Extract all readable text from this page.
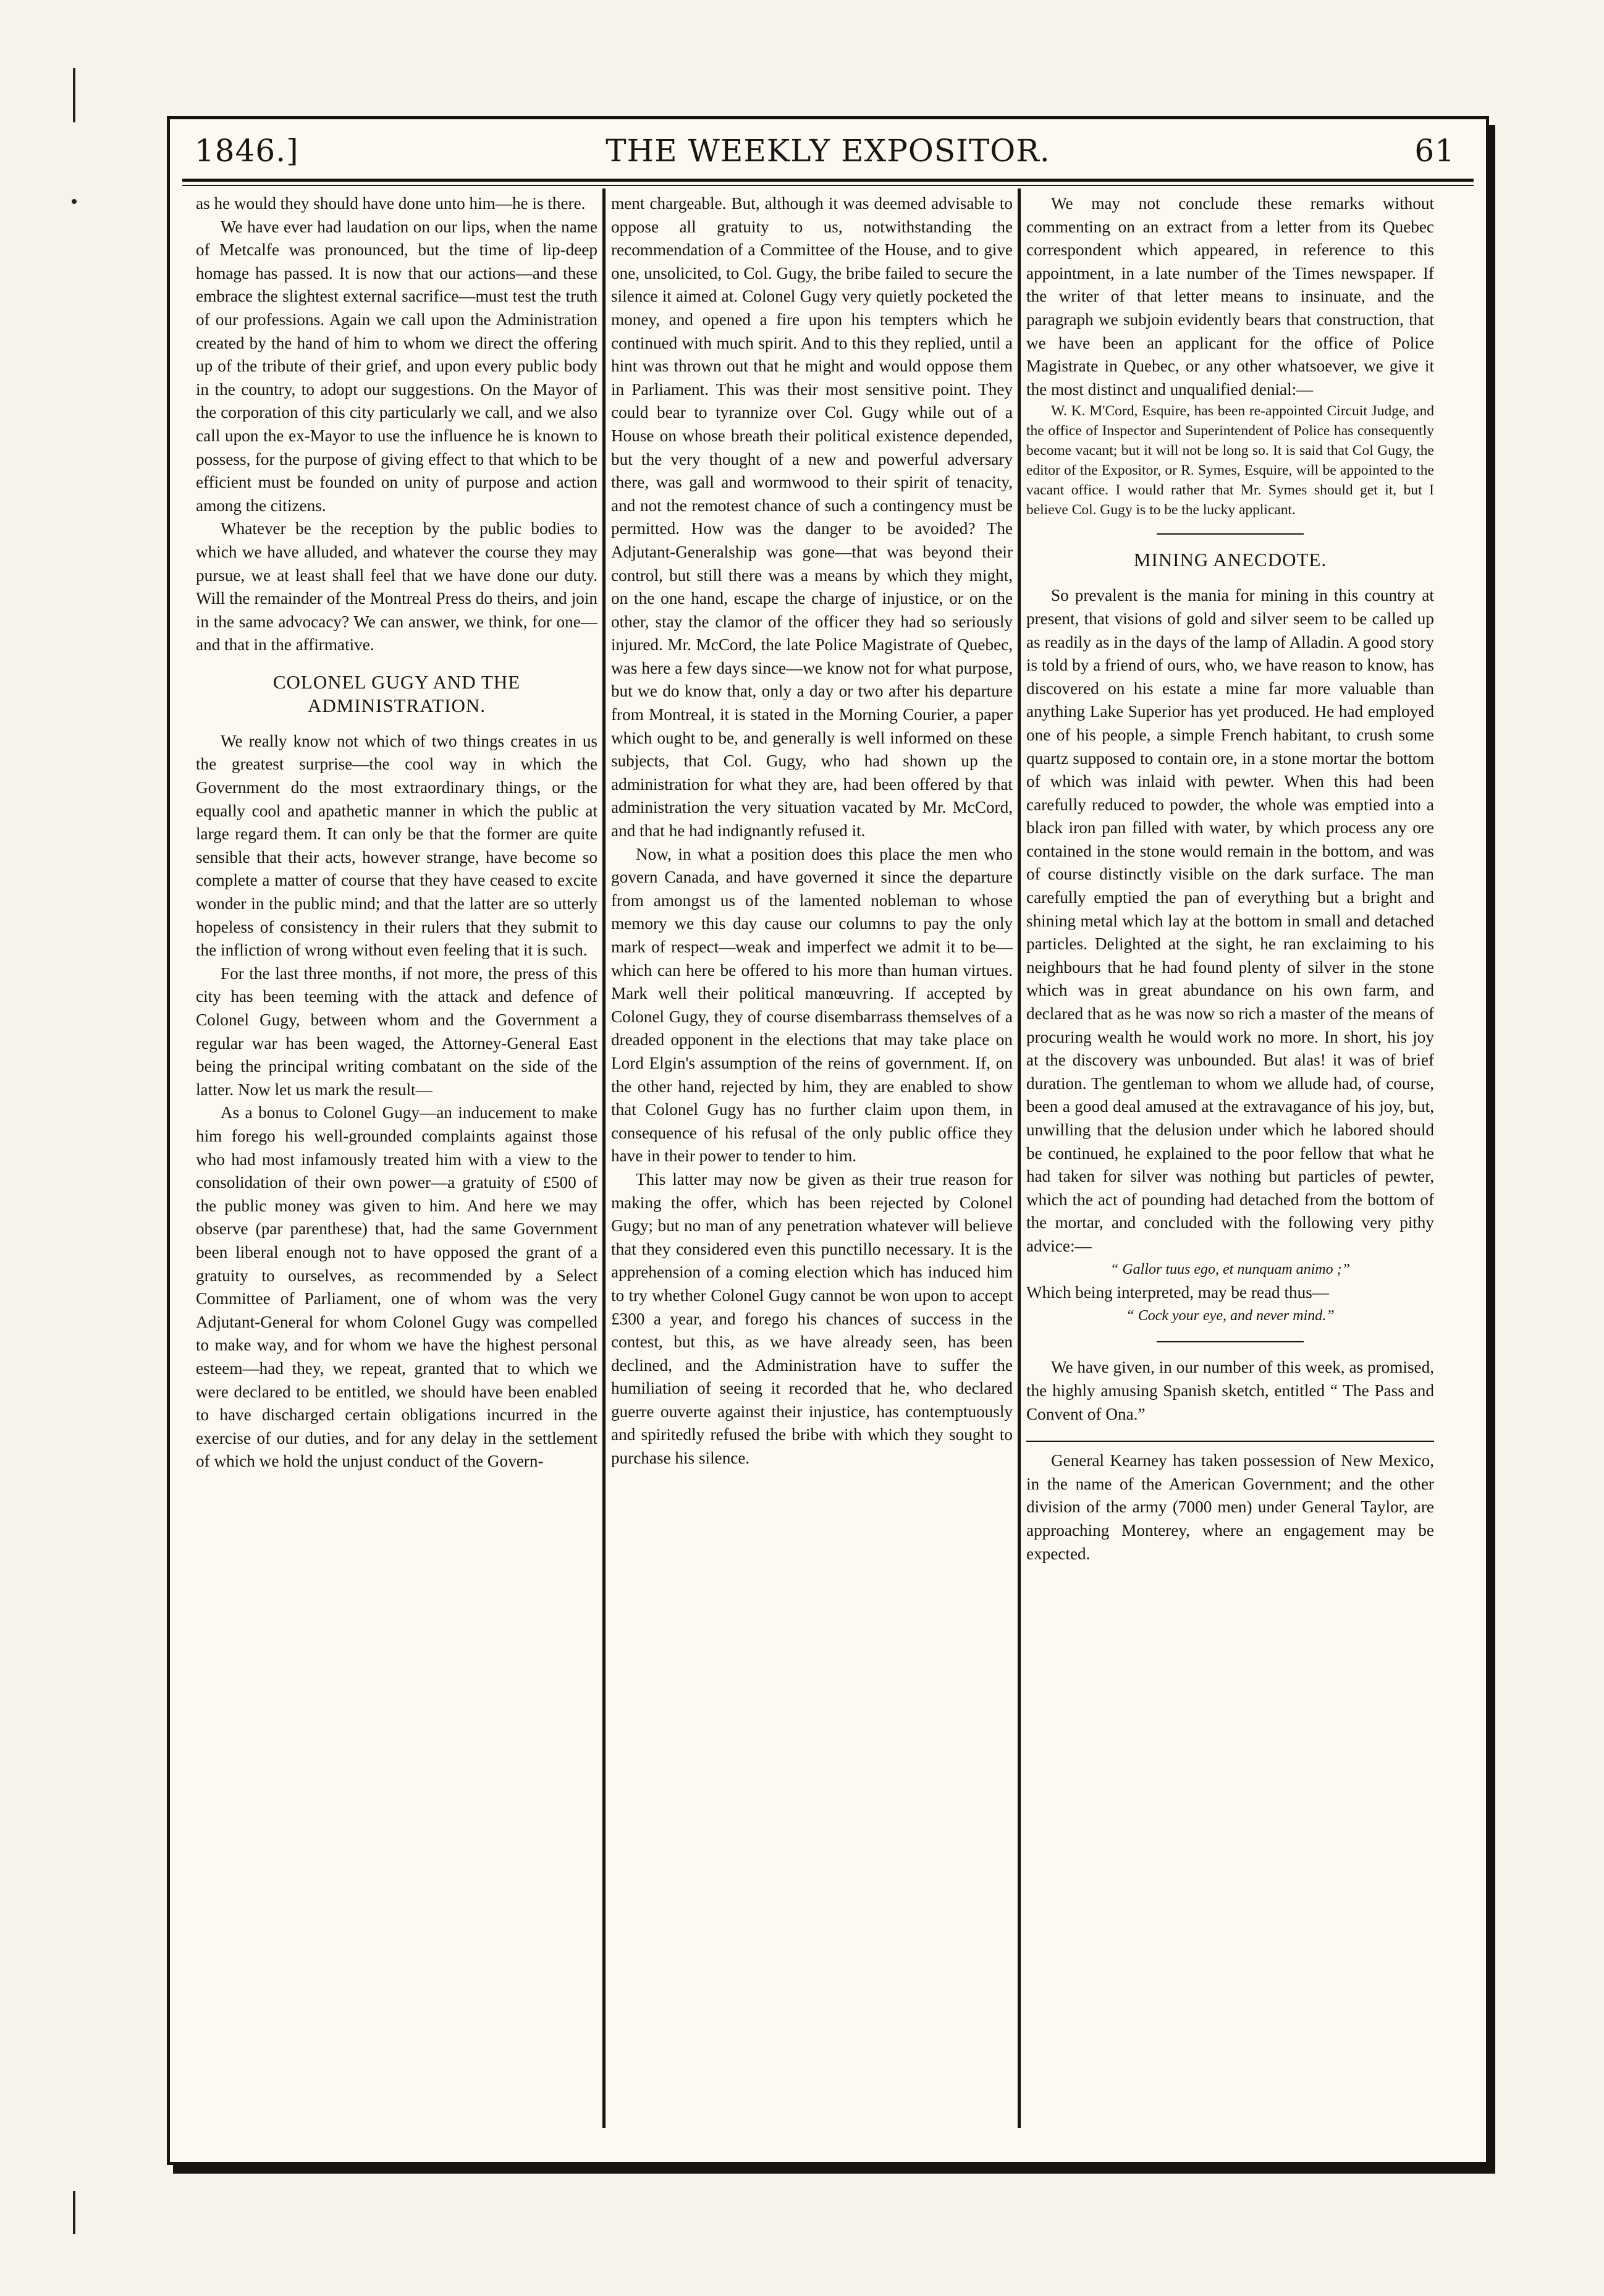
1846.]	THE WEEKLY EXPOSITOR.	61

as he would they should have done unto him—he is there.

We have ever had laudation on our lips, when the name of Metcalfe was pronounced, but the time of lip-deep homage has passed. It is now that our actions—and these embrace the slightest external sacrifice—must test the truth of our professions. Again we call upon the Administration created by the hand of him to whom we direct the offering up of the tribute of their grief, and upon every public body in the country, to adopt our suggestions. On the Mayor of the corporation of this city particularly we call, and we also call upon the ex-Mayor to use the influence he is known to possess, for the purpose of giving effect to that which to be efficient must be founded on unity of purpose and action among the citizens.

Whatever be the reception by the public bodies to which we have alluded, and whatever the course they may pursue, we at least shall feel that we have done our duty. Will the remainder of the Montreal Press do theirs, and join in the same advocacy? We can answer, we think, for one—and that in the affirmative.

COLONEL GUGY AND THE ADMINISTRATION.

We really know not which of two things creates in us the greatest surprise—the cool way in which the Government do the most extraordinary things, or the equally cool and apathetic manner in which the public at large regard them. It can only be that the former are quite sensible that their acts, however strange, have become so complete a matter of course that they have ceased to excite wonder in the public mind; and that the latter are so utterly hopeless of consistency in their rulers that they submit to the infliction of wrong without even feeling that it is such.

For the last three months, if not more, the press of this city has been teeming with the attack and defence of Colonel Gugy, between whom and the Government a regular war has been waged, the Attorney-General East being the principal writing combatant on the side of the latter. Now let us mark the result—

As a bonus to Colonel Gugy—an inducement to make him forego his well-grounded complaints against those who had most infamously treated him with a view to the consolidation of their own power—a gratuity of £500 of the public money was given to him. And here we may observe (par parenthese) that, had the same Government been liberal enough not to have opposed the grant of a gratuity to ourselves, as recommended by a Select Committee of Parliament, one of whom was the very Adjutant-General for whom Colonel Gugy was compelled to make way, and for whom we have the highest personal esteem—had they, we repeat, granted that to which we were declared to be entitled, we should have been enabled to have discharged certain obligations incurred in the exercise of our duties, and for any delay in the settlement of which we hold the unjust conduct of the Govern-

ment chargeable. But, although it was deemed advisable to oppose all gratuity to us, notwithstanding the recommendation of a Committee of the House, and to give one, unsolicited, to Col. Gugy, the bribe failed to secure the silence it aimed at. Colonel Gugy very quietly pocketed the money, and opened a fire upon his tempters which he continued with much spirit. And to this they replied, until a hint was thrown out that he might and would oppose them in Parliament. This was their most sensitive point. They could bear to tyrannize over Col. Gugy while out of a House on whose breath their political existence depended, but the very thought of a new and powerful adversary there, was gall and wormwood to their spirit of tenacity, and not the remotest chance of such a contingency must be permitted. How was the danger to be avoided? The Adjutant-Generalship was gone—that was beyond their control, but still there was a means by which they might, on the one hand, escape the charge of injustice, or on the other, stay the clamor of the officer they had so seriously injured. Mr. McCord, the late Police Magistrate of Quebec, was here a few days since—we know not for what purpose, but we do know that, only a day or two after his departure from Montreal, it is stated in the Morning Courier, a paper which ought to be, and generally is well informed on these subjects, that Col. Gugy, who had shown up the administration for what they are, had been offered by that administration the very situation vacated by Mr. McCord, and that he had indignantly refused it.

Now, in what a position does this place the men who govern Canada, and have governed it since the departure from amongst us of the lamented nobleman to whose memory we this day cause our columns to pay the only mark of respect—weak and imperfect we admit it to be—which can here be offered to his more than human virtues. Mark well their political manœuvring. If accepted by Colonel Gugy, they of course disembarrass themselves of a dreaded opponent in the elections that may take place on Lord Elgin's assumption of the reins of government. If, on the other hand, rejected by him, they are enabled to show that Colonel Gugy has no further claim upon them, in consequence of his refusal of the only public office they have in their power to tender to him.

This latter may now be given as their true reason for making the offer, which has been rejected by Colonel Gugy; but no man of any penetration whatever will believe that they considered even this punctillo necessary. It is the apprehension of a coming election which has induced him to try whether Colonel Gugy cannot be won upon to accept £300 a year, and forego his chances of success in the contest, but this, as we have already seen, has been declined, and the Administration have to suffer the humiliation of seeing it recorded that he, who declared guerre ouverte against their injustice, has contemptuously and spiritedly refused the bribe with which they sought to purchase his silence.

We may not conclude these remarks without commenting on an extract from a letter from its Quebec correspondent which appeared, in reference to this appointment, in a late number of the Times newspaper. If the writer of that letter means to insinuate, and the paragraph we subjoin evidently bears that construction, that we have been an applicant for the office of Police Magistrate in Quebec, or any other whatsoever, we give it the most distinct and unqualified denial:—

W. K. M'Cord, Esquire, has been re-appointed Circuit Judge, and the office of Inspector and Superintendent of Police has consequently become vacant; but it will not be long so. It is said that Col Gugy, the editor of the Expositor, or R. Symes, Esquire, will be appointed to the vacant office. I would rather that Mr. Symes should get it, but I believe Col. Gugy is to be the lucky applicant.

MINING ANECDOTE.

So prevalent is the mania for mining in this country at present, that visions of gold and silver seem to be called up as readily as in the days of the lamp of Alladin. A good story is told by a friend of ours, who, we have reason to know, has discovered on his estate a mine far more valuable than anything Lake Superior has yet produced. He had employed one of his people, a simple French habitant, to crush some quartz supposed to contain ore, in a stone mortar the bottom of which was inlaid with pewter. When this had been carefully reduced to powder, the whole was emptied into a black iron pan filled with water, by which process any ore contained in the stone would remain in the bottom, and was of course distinctly visible on the dark surface. The man carefully emptied the pan of everything but a bright and shining metal which lay at the bottom in small and detached particles. Delighted at the sight, he ran exclaiming to his neighbours that he had found plenty of silver in the stone which was in great abundance on his own farm, and declared that as he was now so rich a master of the means of procuring wealth he would work no more. In short, his joy at the discovery was unbounded. But alas! it was of brief duration. The gentleman to whom we allude had, of course, been a good deal amused at the extravagance of his joy, but, unwilling that the delusion under which he labored should be continued, he explained to the poor fellow that what he had taken for silver was nothing but particles of pewter, which the act of pounding had detached from the bottom of the mortar, and concluded with the following very pithy advice:—

“ Gallor tuus ego, et nunquam animo ;”

Which being interpreted, may be read thus—

“ Cock your eye, and never mind.”

We have given, in our number of this week, as promised, the highly amusing Spanish sketch, entitled “ The Pass and Convent of Ona.”

General Kearney has taken possession of New Mexico, in the name of the American Government; and the other division of the army (7000 men) under General Taylor, are approaching Monterey, where an engagement may be expected.
